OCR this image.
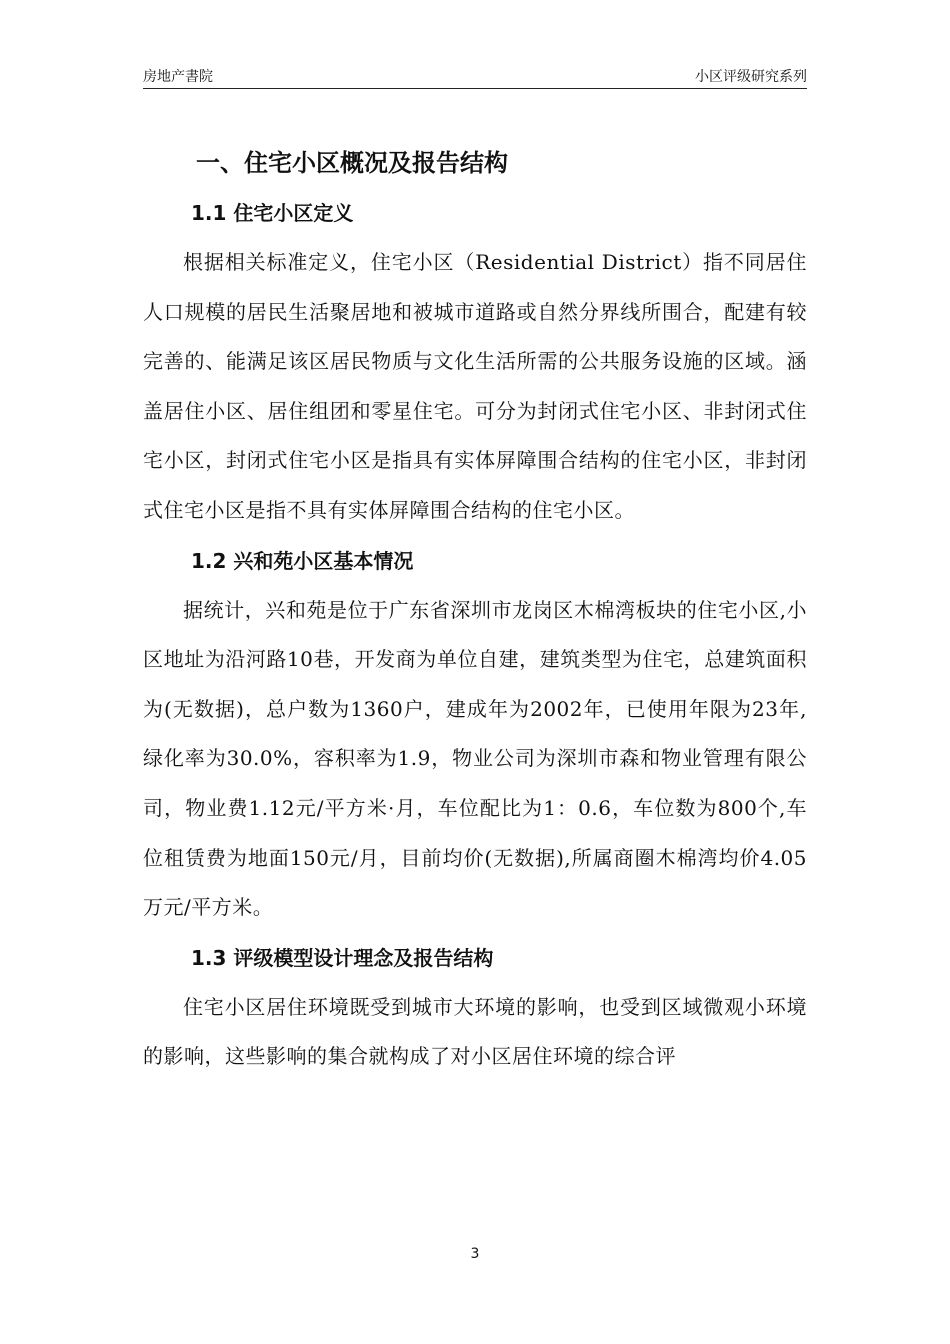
房地产書院	小区评级研究系列
一、住宅小区概况及报告结构
1.1 住宅小区定义

根据相关标准定义，住宅小区（Residential District）指不同居住人口规模的居民生活聚居地和被城市道路或自然分界线所围合，配建有较完善的、能满足该区居民物质与文化生活所需的公共服务设施的区域。涵盖居住小区、居住组团和零星住宅。可分为封闭式住宅小区、非封闭式住宅小区，封闭式住宅小区是指具有实体屏障围合结构的住宅小区，非封闭式住宅小区是指不具有实体屏障围合结构的住宅小区。

1.2 兴和苑小区基本情况

据统计，兴和苑是位于广东省深圳市龙岗区木棉湾板块的住宅小区,小区地址为沿河路10巷，开发商为单位自建，建筑类型为住宅，总建筑面积为(无数据)，总户数为1360户，建成年为2002年，已使用年限为23年,绿化率为30.0%，容积率为1.9，物业公司为深圳市森和物业管理有限公司，物业费1.12元/平方米·月，车位配比为1：0.6，车位数为800个,车位租赁费为地面150元/月，目前均价(无数据),所属商圈木棉湾均价4.05万元/平方米。

1.3 评级模型设计理念及报告结构

住宅小区居住环境既受到城市大环境的影响，也受到区域微观小环境的影响，这些影响的集合就构成了对小区居住环境的综合评

3
